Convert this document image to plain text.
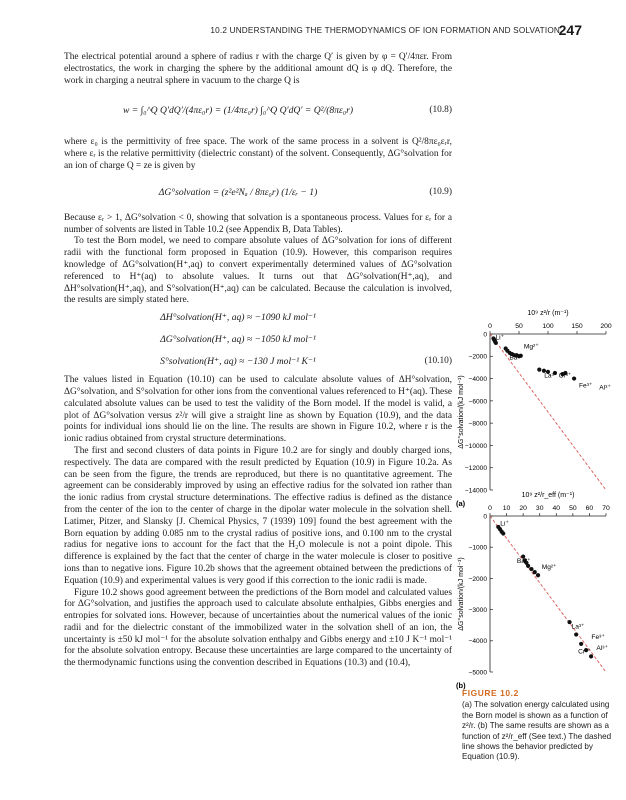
10.2 UNDERSTANDING THE THERMODYNAMICS OF ION FORMATION AND SOLVATION
247

The electrical potential around a sphere of radius r with the charge Q′ is given by φ = Q′/4πεr. From electrostatics, the work in charging the sphere by the additional amount dQ is φ dQ. Therefore, the work in charging a neutral sphere in vacuum to the charge Q is

w = ∫₀^Q Q′dQ′/(4πε₀r) = (1/4πε₀r) ∫₀^Q Q′dQ′ = Q²/(8πε₀r)	(10.8)

where ε₀ is the permittivity of free space. The work of the same process in a solvent is Q²/8πε₀εᵣr, where εᵣ is the relative permittivity (dielectric constant) of the solvent. Consequently, ΔG°solvation for an ion of charge Q = ze is given by

ΔG°solvation = (z²e²Nₐ / 8πε₀r) (1/εᵣ − 1)	(10.9)

Because εᵣ > 1, ΔG°solvation < 0, showing that solvation is a spontaneous process. Values for εᵣ for a number of solvents are listed in Table 10.2 (see Appendix B, Data Tables).

To test the Born model, we need to compare absolute values of ΔG°solvation for ions of different radii with the functional form proposed in Equation (10.9). However, this comparison requires knowledge of ΔG°solvation(H⁺,aq) to convert experimentally determined values of ΔG°solvation referenced to H⁺(aq) to absolute values. It turns out that ΔG°solvation(H⁺,aq), and ΔH°solvation(H⁺,aq), and S°solvation(H⁺,aq) can be calculated. Because the calculation is involved, the results are simply stated here.

ΔH°solvation(H⁺, aq) ≈ −1090 kJ mol⁻¹
ΔG°solvation(H⁺, aq) ≈ −1050 kJ mol⁻¹
S°solvation(H⁺, aq) ≈ −130 J mol⁻¹ K⁻¹	(10.10)

The values listed in Equation (10.10) can be used to calculate absolute values of ΔH°solvation, ΔG°solvation, and S°solvation for other ions from the conventional values referenced to H⁺(aq). These calculated absolute values can be used to test the validity of the Born model. If the model is valid, a plot of ΔG°solvation versus z²/r will give a straight line as shown by Equation (10.9), and the data points for individual ions should lie on the line. The results are shown in Figure 10.2, where r is the ionic radius obtained from crystal structure determinations.

The first and second clusters of data points in Figure 10.2 are for singly and doubly charged ions, respectively. The data are compared with the result predicted by Equation (10.9) in Figure 10.2a. As can be seen from the figure, the trends are reproduced, but there is no quantitative agreement. The agreement can be considerably improved by using an effective radius for the solvated ion rather than the ionic radius from crystal structure determinations. The effective radius is defined as the distance from the center of the ion to the center of charge in the dipolar water molecule in the solvation shell. Latimer, Pitzer, and Slansky [J. Chemical Physics, 7 (1939) 109] found the best agreement with the Born equation by adding 0.085 nm to the crystal radius of positive ions, and 0.100 nm to the crystal radius for negative ions to account for the fact that the H₂O molecule is not a point dipole. This difference is explained by the fact that the center of charge in the water molecule is closer to positive ions than to negative ions. Figure 10.2b shows that the agreement obtained between the predictions of Equation (10.9) and experimental values is very good if this correction to the ionic radii is made.

Figure 10.2 shows good agreement between the predictions of the Born model and calculated values for ΔG°solvation, and justifies the approach used to calculate absolute enthalpies, Gibbs energies and entropies for solvated ions. However, because of uncertainties about the numerical values of the ionic radii and for the dielectric constant of the immobilized water in the solvation shell of an ion, the uncertainty is ±50 kJ mol⁻¹ for the absolute solvation enthalpy and Gibbs energy and ±10 J K⁻¹ mol⁻¹ for the absolute solvation entropy. Because these uncertainties are large compared to the uncertainty of the thermodynamic functions using the convention described in Equations (10.3) and (10.4),

10⁹ z²/r (m⁻¹)
0	50	100	150	200
0
−2000
−4000
−6000
−8000
−10000
−12000
−14000
ΔG°solvation/(kJ mol⁻¹)
Li⁺
Mg²⁺
Ba²⁺
La³⁺ Cr³⁺
Fe³⁺ Al³⁺
(a)
10⁹ z²/r_eff (m⁻¹)
0 10 20 30 40 50 60 70
0
−1000
−2000
−3000
−4000
−5000
ΔG°solvation/(kJ mol⁻¹)
Li⁺
Ba²⁺
Mg²⁺
La³⁺
Fe³⁺
Cr³⁺ Al³⁺
(b)
FIGURE 10.2

(a) The solvation energy calculated using the Born model is shown as a function of z²/r. (b) The same results are shown as a function of z²/r_eff (See text.) The dashed line shows the behavior predicted by Equation (10.9).
